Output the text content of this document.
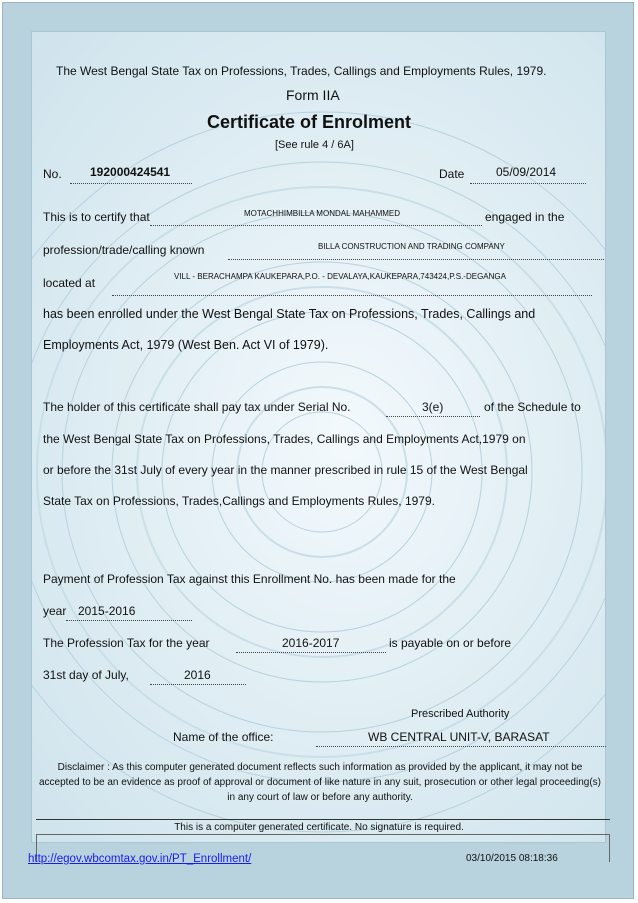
The West Bengal State Tax on Professions, Trades, Callings and Employments Rules, 1979.
Form IIA
Certificate of Enrolment
[See rule 4 / 6A]
No. 192000424541	Date	05/09/2014
This is to certify that	MOTACHHIMBILLA MONDAL MAHAMMED	engaged in the
profession/trade/calling known	BILLA CONSTRUCTION AND TRADING COMPANY
located at	VILL - BERACHAMPA KAUKEPARA,P.O. - DEVALAYA,KAUKEPARA,743424,P.S.-DEGANGA
has been enrolled under the West Bengal State Tax on Professions, Trades, Callings and
Employments Act, 1979 (West Ben. Act VI of 1979).
The holder of this certificate shall pay tax under Serial No.	3(e)	of the Schedule to
the West Bengal State Tax on Professions, Trades, Callings and Employments Act,1979 on
or before the 31st July of every year in the manner prescribed in rule 15 of the West Bengal
State Tax on Professions, Trades,Callings and Employments Rules, 1979.
Payment of Profession Tax against this Enrollment No. has been made for the
year 2015-2016
The Profession Tax for the year	2016-2017	is payable on or before
31st day of July,	2016
Prescribed Authority
Name of the office:	WB CENTRAL UNIT-V, BARASAT
Disclaimer : As this computer generated document reflects such information as provided by the applicant, it may not be accepted to be an evidence as proof of approval or document of like nature in any suit, prosecution or other legal proceeding(s) in any court of law or before any authority.
This is a computer generated certificate. No signature is required.
http://egov.wbcomtax.gov.in/PT_Enrollment/	03/10/2015 08:18:36
